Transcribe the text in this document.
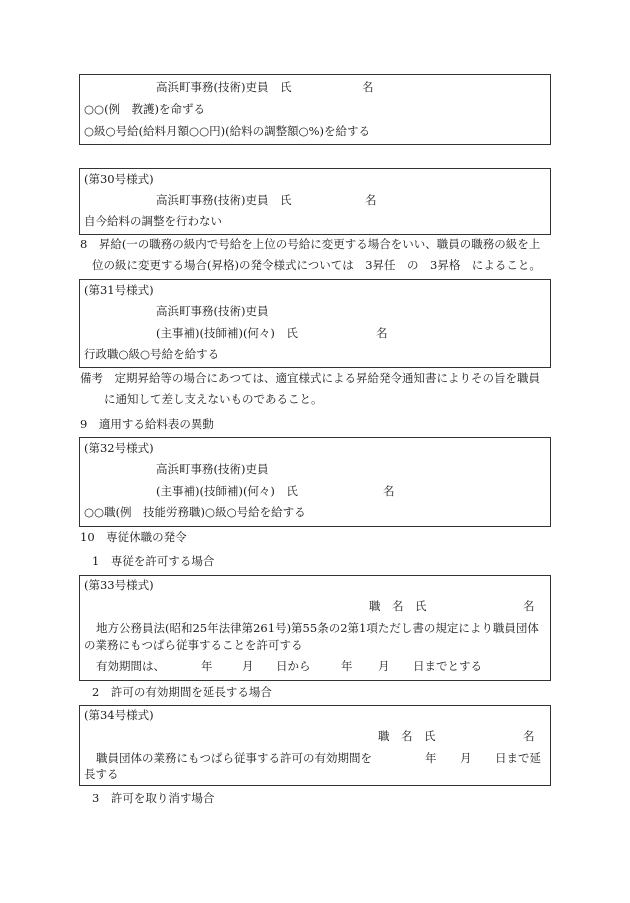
高浜町事務(技術)吏員　氏	名
○○(例　教護)を命ずる
○級○号給(給料月額○○円)(給料の調整額○%)を給する
(第30号様式)
高浜町事務(技術)吏員　氏	名
自今給料の調整を行わない
8　昇給(一の職務の級内で号給を上位の号給に変更する場合をいい、職員の職務の級を上
位の級に変更する場合(昇格)の発令様式については　3昇任　の　3昇格　によること。
(第31号様式)
高浜町事務(技術)吏員
(主事補)(技師補)(何々)　氏	名
行政職○級○号給を給する
備考　定期昇給等の場合にあつては、適宜様式による昇給発令通知書によりその旨を職員
に通知して差し支えないものであること。
9　適用する給料表の異動
(第32号様式)
高浜町事務(技術)吏員
(主事補)(技師補)(何々)　氏	名
○○職(例　技能労務職)○級○号給を給する
10　専従休職の発令
1　専従を許可する場合
(第33号様式)
職　名　氏	名
地方公務員法(昭和25年法律第261号)第55条の2第1項ただし書の規定により職員団体
の業務にもつぱら従事することを許可する
有効期間は、	年	月 日から	年 月 日までとする
2　許可の有効期間を延長する場合
(第34号様式)
職　名　氏	名
職員団体の業務にもつぱら従事する許可の有効期間を	年 月 日まで延
長する
3　許可を取り消す場合
